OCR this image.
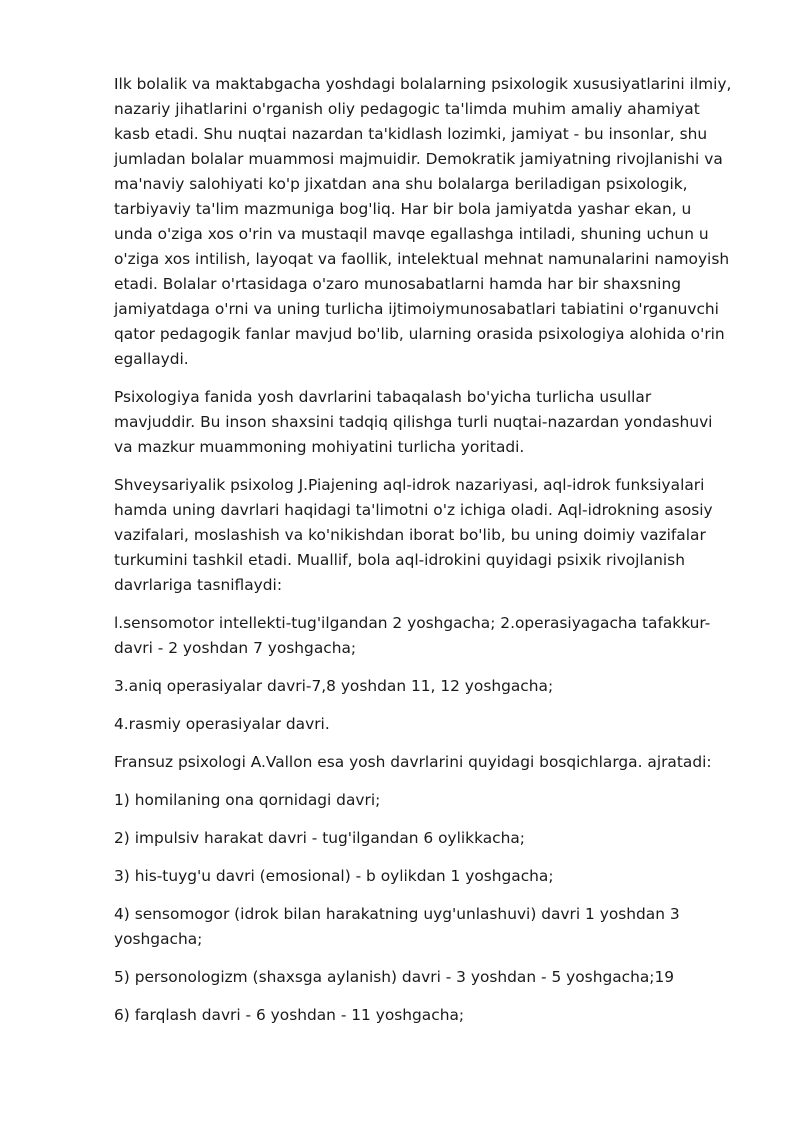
Ilk bolalik va maktabgacha yoshdagi bolalarning psixologik xususiyatlarini ilmiy, nazariy jihatlarini o'rganish oliy pedagogic ta'limda muhim amaliy ahamiyat kasb etadi. Shu nuqtai nazardan ta'kidlash lozimki, jamiyat - bu insonlar, shu jumladan bolalar muammosi majmuidir. Demokratik jamiyatning rivojlanishi va ma'naviy salohiyati ko'p jixatdan ana shu bolalarga beriladigan psixologik, tarbiyaviy ta'lim mazmuniga bog'liq. Har bir bola jamiyatda yashar ekan, u unda o'ziga xos o'rin va mustaqil mavqe egallashga intiladi, shuning uchun u o'ziga xos intilish, layoqat va faollik, intelektual mehnat namunalarini namoyish etadi. Bolalar o'rtasidaga o'zaro munosabatlarni hamda har bir shaxsning jamiyatdaga o'rni va uning turlicha ijtimoiymunosabatlari tabiatini o'rganuvchi qator pedagogik fanlar mavjud bo'lib, ularning orasida psixologiya alohida o'rin egallaydi.

Psixologiya fanida yosh davrlarini tabaqalash bo'yicha turlicha usullar mavjuddir. Bu inson shaxsini tadqiq qilishga turli nuqtai-nazardan yondashuvi va mazkur muammoning mohiyatini turlicha yoritadi.

Shveysariyalik psixolog J.Piajening aql-idrok nazariyasi, aql-idrok funksiyalari hamda uning davrlari haqidagi ta'limotni o'z ichiga oladi. Aql-idrokning asosiy vazifalari, moslashish va ko'nikishdan iborat bo'lib, bu uning doimiy vazifalar turkumini tashkil etadi. Muallif, bola aql-idrokini quyidagi psixik rivojlanish davrlariga tasniflaydi:

l.sensomotor intellekti-tug'ilgandan 2 yoshgacha; 2.operasiyagacha tafakkur-davri - 2 yoshdan 7 yoshgacha;

3.aniq operasiyalar davri-7,8 yoshdan 11, 12 yoshgacha;

4.rasmiy operasiyalar davri.

Fransuz psixologi A.Vallon esa yosh davrlarini quyidagi bosqichlarga. ajratadi:

1) homilaning ona qornidagi davri;

2) impulsiv harakat davri - tug'ilgandan 6 oylikkacha;

3) his-tuyg'u davri (emosional) - b oylikdan 1 yoshgacha;

4) sensomogor (idrok bilan harakatning uyg'unlashuvi) davri 1 yoshdan 3 yoshgacha;

5) personologizm (shaxsga aylanish) davri - 3 yoshdan - 5 yoshgacha;19

6) farqlash davri - 6 yoshdan - 11 yoshgacha;
